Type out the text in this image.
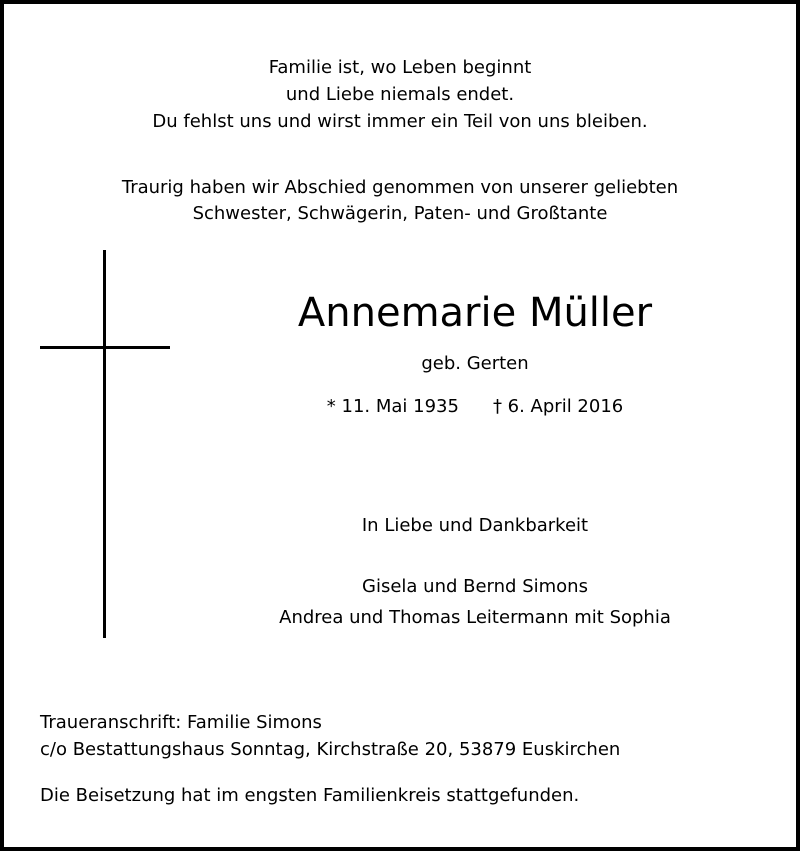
Familie ist, wo Leben beginnt
und Liebe niemals endet.
Du fehlst uns und wirst immer ein Teil von uns bleiben.
Traurig haben wir Abschied genommen von unserer geliebten
Schwester, Schwägerin, Paten- und Großtante
Annemarie Müller
geb. Gerten
* 11. Mai 1935 † 6. April 2016
In Liebe und Dankbarkeit
Gisela und Bernd Simons
Andrea und Thomas Leitermann mit Sophia
Traueranschrift: Familie Simons
c/o Bestattungshaus Sonntag, Kirchstraße 20, 53879 Euskirchen
Die Beisetzung hat im engsten Familienkreis stattgefunden.
